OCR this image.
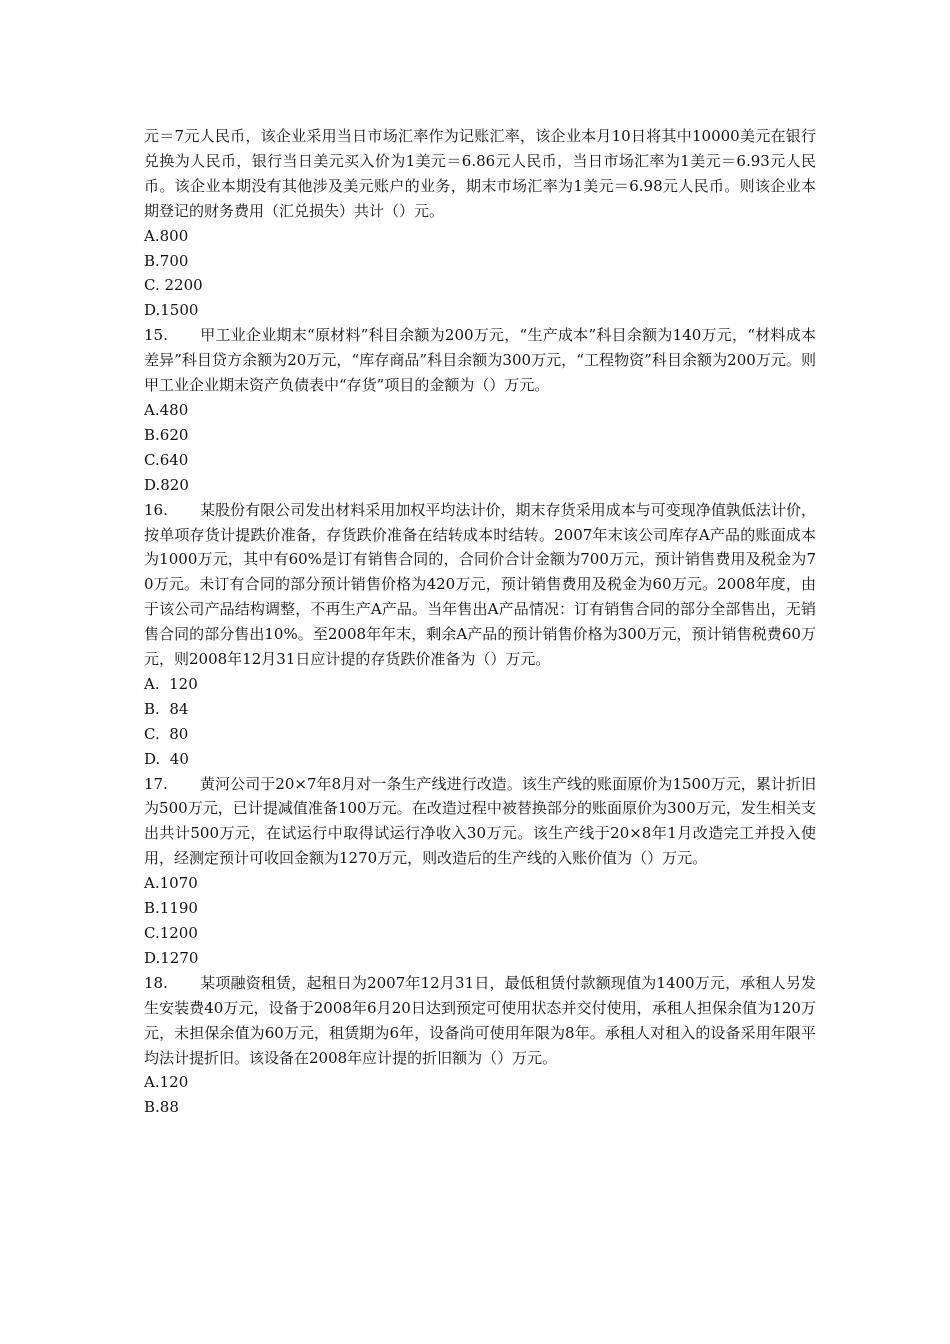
元＝7元人民币，该企业采用当日市场汇率作为记账汇率，该企业本月10日将其中10000美元在银行兑换为人民币，银行当日美元买入价为1美元＝6.86元人民币，当日市场汇率为1美元＝6.93元人民币。该企业本期没有其他涉及美元账户的业务，期末市场汇率为1美元＝6.98元人民币。则该企业本期登记的财务费用（汇兑损失）共计（）元。

A.800

B.700

C. 2200

D.1500

15. 甲工业企业期末“原材料”科目余额为200万元，“生产成本”科目余额为140万元，“材料成本差异”科目贷方余额为20万元，“库存商品”科目余额为300万元，“工程物资”科目余额为200万元。则甲工业企业期末资产负债表中“存货”项目的金额为（）万元。

A.480

B.620

C.640

D.820

16. 某股份有限公司发出材料采用加权平均法计价，期末存货采用成本与可变现净值孰低法计价，按单项存货计提跌价准备，存货跌价准备在结转成本时结转。2007年末该公司库存A产品的账面成本为1000万元，其中有60%是订有销售合同的，合同价合计金额为700万元，预计销售费用及税金为70万元。未订有合同的部分预计销售价格为420万元，预计销售费用及税金为60万元。2008年度，由于该公司产品结构调整，不再生产A产品。当年售出A产品情况：订有销售合同的部分全部售出，无销售合同的部分售出10%。至2008年年末，剩余A产品的预计销售价格为300万元，预计销售税费60万元，则2008年12月31日应计提的存货跌价准备为（）万元。

A.  120

B.  84

C.  80

D.  40

17. 黄河公司于20×7年8月对一条生产线进行改造。该生产线的账面原价为1500万元，累计折旧为500万元，已计提减值准备100万元。在改造过程中被替换部分的账面原价为300万元，发生相关支出共计500万元，在试运行中取得试运行净收入30万元。该生产线于20×8年1月改造完工并投入使用，经测定预计可收回金额为1270万元，则改造后的生产线的入账价值为（）万元。

A.1070

B.1190

C.1200

D.1270

18. 某项融资租赁，起租日为2007年12月31日，最低租赁付款额现值为1400万元，承租人另发生安装费40万元，设备于2008年6月20日达到预定可使用状态并交付使用，承租人担保余值为120万元，未担保余值为60万元，租赁期为6年，设备尚可使用年限为8年。承租人对租入的设备采用年限平均法计提折旧。该设备在2008年应计提的折旧额为（）万元。

A.120

B.88
